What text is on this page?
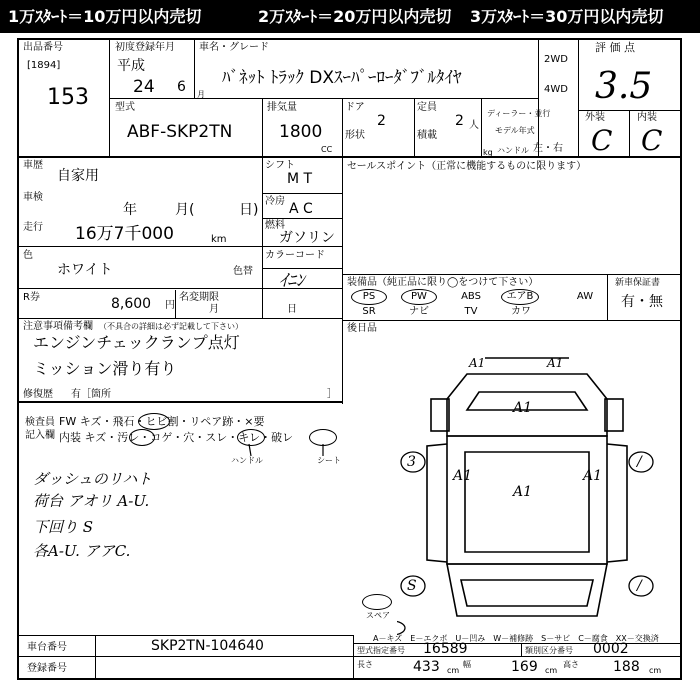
1万ｽﾀｰﾄ＝10万円以内売切	2万ｽﾀｰﾄ＝20万円以内売切 3万ｽﾀｰﾄ＝30万円以内売切
出品番号
[1894]
153
初度登録年月
平成
24 6 月
車名・グレード
ﾊﾞﾈｯﾄ ﾄﾗｯｸ DXｽｰﾊﾟｰﾛｰﾀﾞﾌﾞﾙﾀｲﾔ
2WD
4WD
型式
ABF-SKP2TN
排気量
1800
CC
ドア
2
形状
定員
2 人
積載
kg
ディーラー・並行
モデル年式
ハンドル 左・右
評 価 点
3.5
外装	内装
C C
車歴
自家用
車検
年	月(	日)
走行 16万7千000	km
シフト
M T
冷房 A C
燃料
ガソリン
色
ホワイト	色替 ｲﾆﾝ
カラーコード
R券	8,600 円
名変期限
月	日
セールスポイント（正常に機能するものに限ります）
装備品（純正品に限り◯をつけて下さい）	新車保証書
有・無
PS	PW	ABS	エアB	AW
SR	ナビ	TV	カワ
後日品
注意事項備考欄 （不具合の詳細は必ず記載して下さい）
エンジンチェックランプ点灯
ミッション滑り有り
修復歴 有［箇所	］
検査員
記入欄
FW キズ・飛石・ヒビ割・リペア跡・×要
内装 キズ・汚レ・コゲ・穴・スレ・キレ・破レ
ハンドル	シート
ダッシュのリハト
荷台 アオリ A-U.
下回り S
各A-U. アアC.
A1	A1
A1
A1
A1
A1
3	/
S	/
スペア
A－キズ　E－エクボ　U－凹み　W－補修跡　S－サビ　C－腐食　XX－交換済
車台番号	SKP2TN-104640
登録番号
型式指定番号 16589	類別区分番号 0002
長さ	433 cm
幅	169 cm
高さ 188 cm
